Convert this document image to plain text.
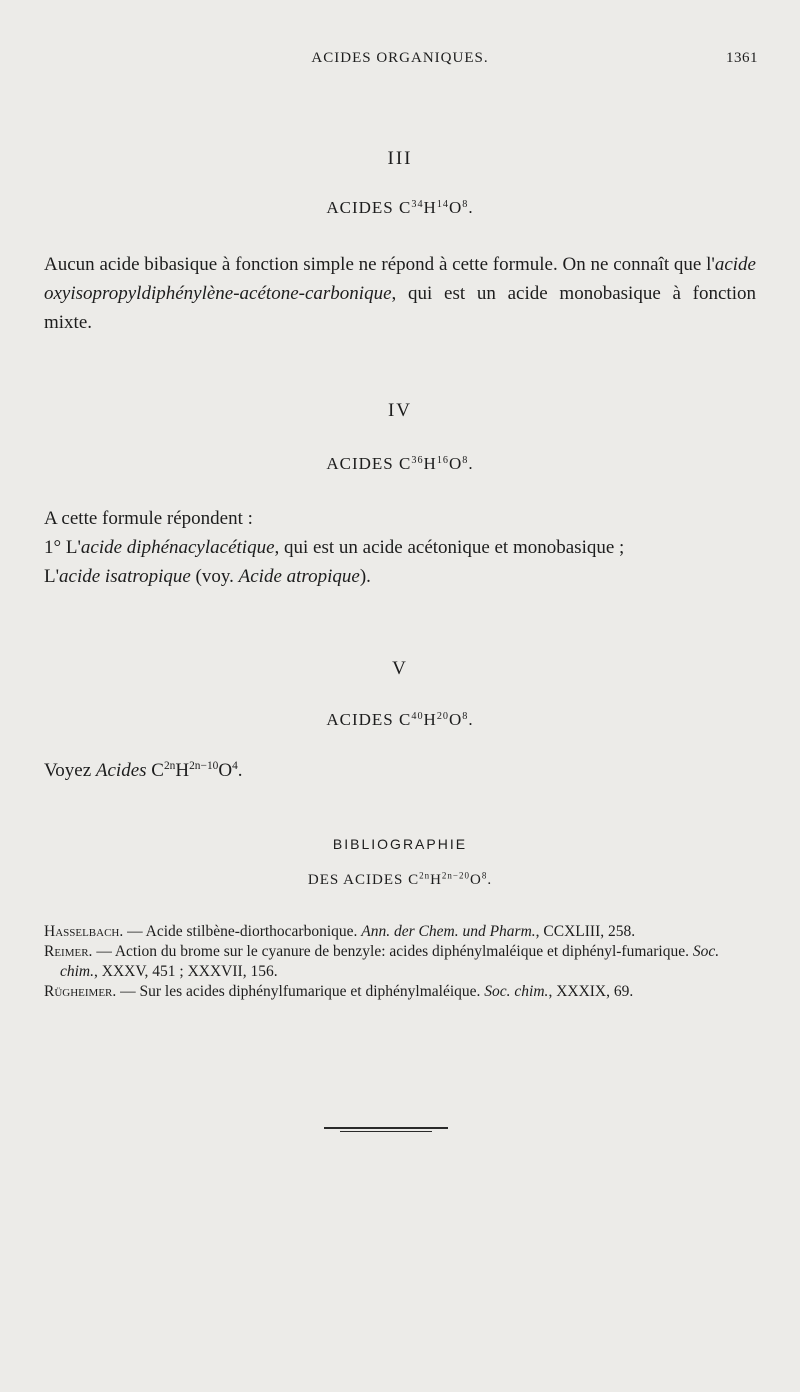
ACIDES ORGANIQUES.	1361
III
ACIDES $C^{34}H^{14}O^8$.

Aucun acide bibasique à fonction simple ne répond à cette formule. On ne connaît que l'acide oxyisopropyldiphénylène-acétone-carbonique, qui est un acide monobasique à fonction mixte.

IV
ACIDES $C^{36}H^{16}O^8$.

A cette formule répondent :

1° L'acide diphénacylacétique, qui est un acide acétonique et monobasique ;

L'acide isatropique (voy. Acide atropique).

V
ACIDES $C^{40}H^{20}O^8$.

Voyez Acides $C^{2n}H^{2n-10}O^4$.

BIBLIOGRAPHIE
DES ACIDES $C^{2n}H^{2n-20}O^8$.

Hasselbach. — Acide stilbène-diorthocarbonique. Ann. der Chem. und Pharm., CCXLIII, 258.

Reimer. — Action du brome sur le cyanure de benzyle: acides diphénylmaléique et diphényl-fumarique. Soc. chim., XXXV, 451 ; XXXVII, 156.

Rügheimer. — Sur les acides diphénylfumarique et diphénylmaléique. Soc. chim., XXXIX, 69.
